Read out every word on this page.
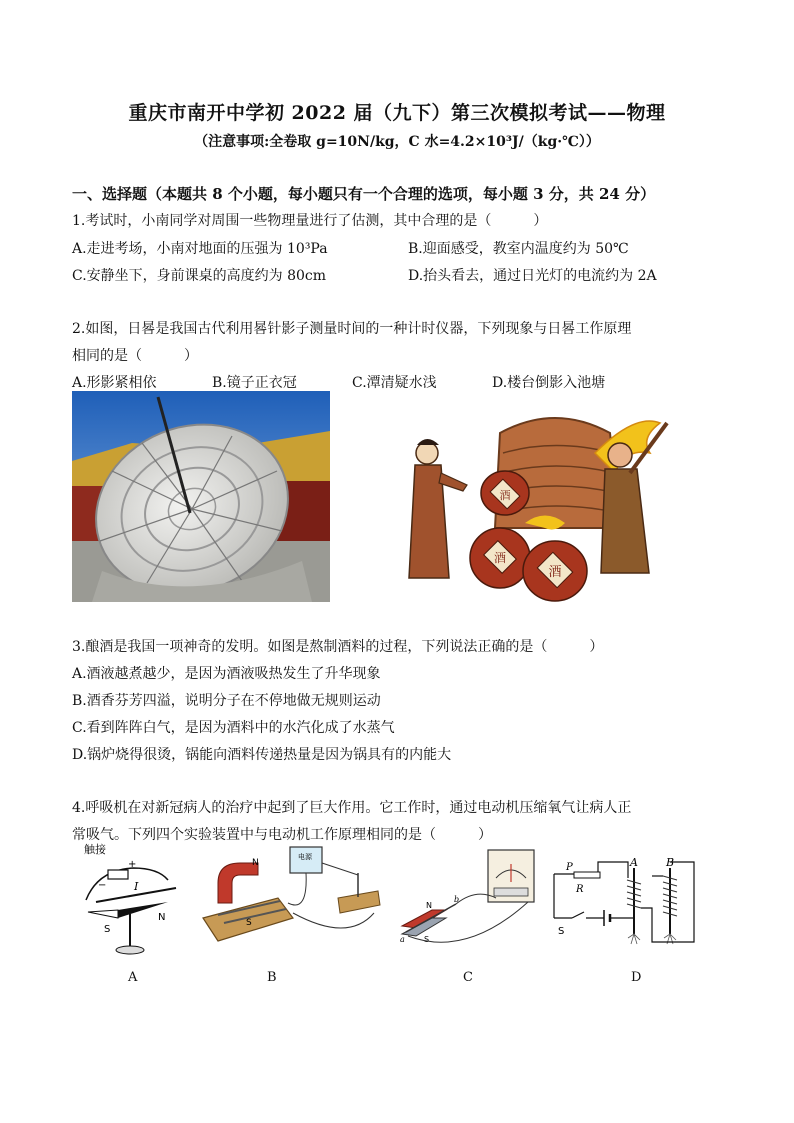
重庆市南开中学初 2022 届（九下）第三次模拟考试——物理
（注意事项:全卷取 g=10N/kg，C 水=4.2×10³J/（kg·℃））
一、选择题（本题共 8 个小题，每小题只有一个合理的选项，每小题 3 分，共 24 分）
1.考试时，小南同学对周围一些物理量进行了估测，其中合理的是（　　　）
A.走进考场，小南对地面的压强为 10³Pa	B.迎面感受，教室内温度约为 50℃
C.安静坐下，身前课桌的高度约为 80cm	D.抬头看去，通过日光灯的电流约为 2A
2.如图，日晷是我国古代利用晷针影子测量时间的一种计时仪器，下列现象与日晷工作原理
相同的是（　　　）
A.形影紧相依	B.镜子正衣冠	C.潭清疑水浅	D.楼台倒影入池塘
酒
酒
酒
3.酿酒是我国一项神奇的发明。如图是熬制酒料的过程，下列说法正确的是（　　　）
A.酒液越煮越少，是因为酒液吸热发生了升华现象
B.酒香芬芳四溢，说明分子在不停地做无规则运动
C.看到阵阵白气，是因为酒料中的水汽化成了水蒸气
D.锅炉烧得很烫，锅能向酒料传递热量是因为锅具有的内能大
4.呼吸机在对新冠病人的治疗中起到了巨大作用。它工作时，通过电动机压缩氧气让病人正
常吸气。下列四个实验装置中与电动机工作原理相同的是（　　　）
触接
+
−	I
N
S
A
N
S
电源
B
N
S
a
b
C
P
R
S
A	B
D
